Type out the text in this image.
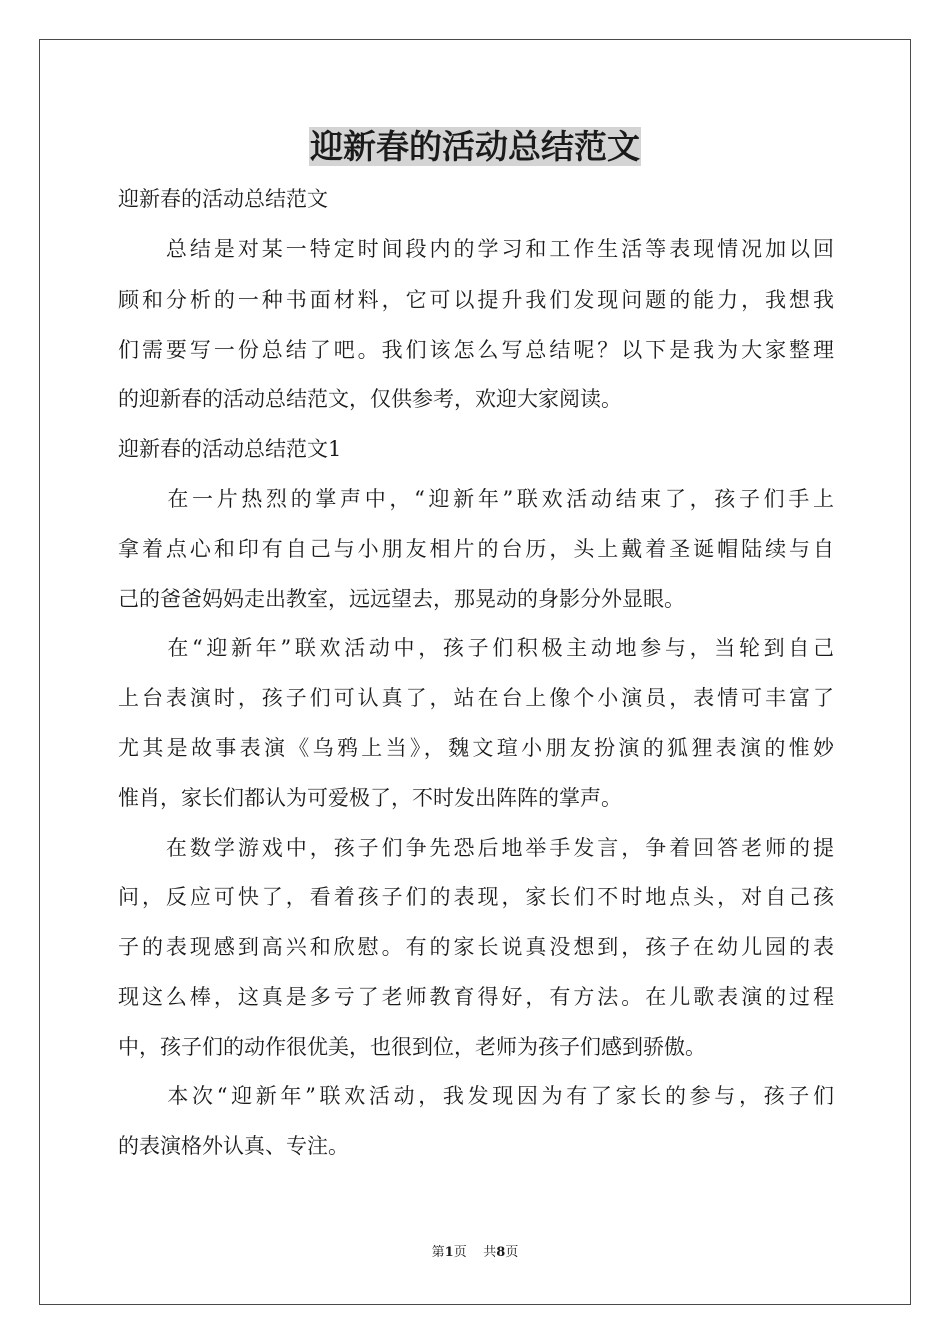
迎新春的活动总结范文
迎新春的活动总结范文
　　总结是对某一特定时间段内的学习和工作生活等表现情况加以回
顾和分析的一种书面材料，它可以提升我们发现问题的能力，我想我
们需要写一份总结了吧。我们该怎么写总结呢？以下是我为大家整理
的迎新春的活动总结范文，仅供参考，欢迎大家阅读。
迎新春的活动总结范文1
　　在一片热烈的掌声中，“迎新年”联欢活动结束了，孩子们手上
拿着点心和印有自己与小朋友相片的台历，头上戴着圣诞帽陆续与自
己的爸爸妈妈走出教室，远远望去，那晃动的身影分外显眼。
　　在“迎新年”联欢活动中，孩子们积极主动地参与，当轮到自己
上台表演时，孩子们可认真了，站在台上像个小演员，表情可丰富了
尤其是故事表演《乌鸦上当》，魏文瑄小朋友扮演的狐狸表演的惟妙
惟肖，家长们都认为可爱极了，不时发出阵阵的掌声。
　　在数学游戏中，孩子们争先恐后地举手发言，争着回答老师的提
问，反应可快了，看着孩子们的表现，家长们不时地点头，对自己孩
子的表现感到高兴和欣慰。有的家长说真没想到，孩子在幼儿园的表
现这么棒，这真是多亏了老师教育得好，有方法。在儿歌表演的过程
中，孩子们的动作很优美，也很到位，老师为孩子们感到骄傲。
　　本次“迎新年”联欢活动，我发现因为有了家长的参与，孩子们
的表演格外认真、专注。
第1页 共8页
